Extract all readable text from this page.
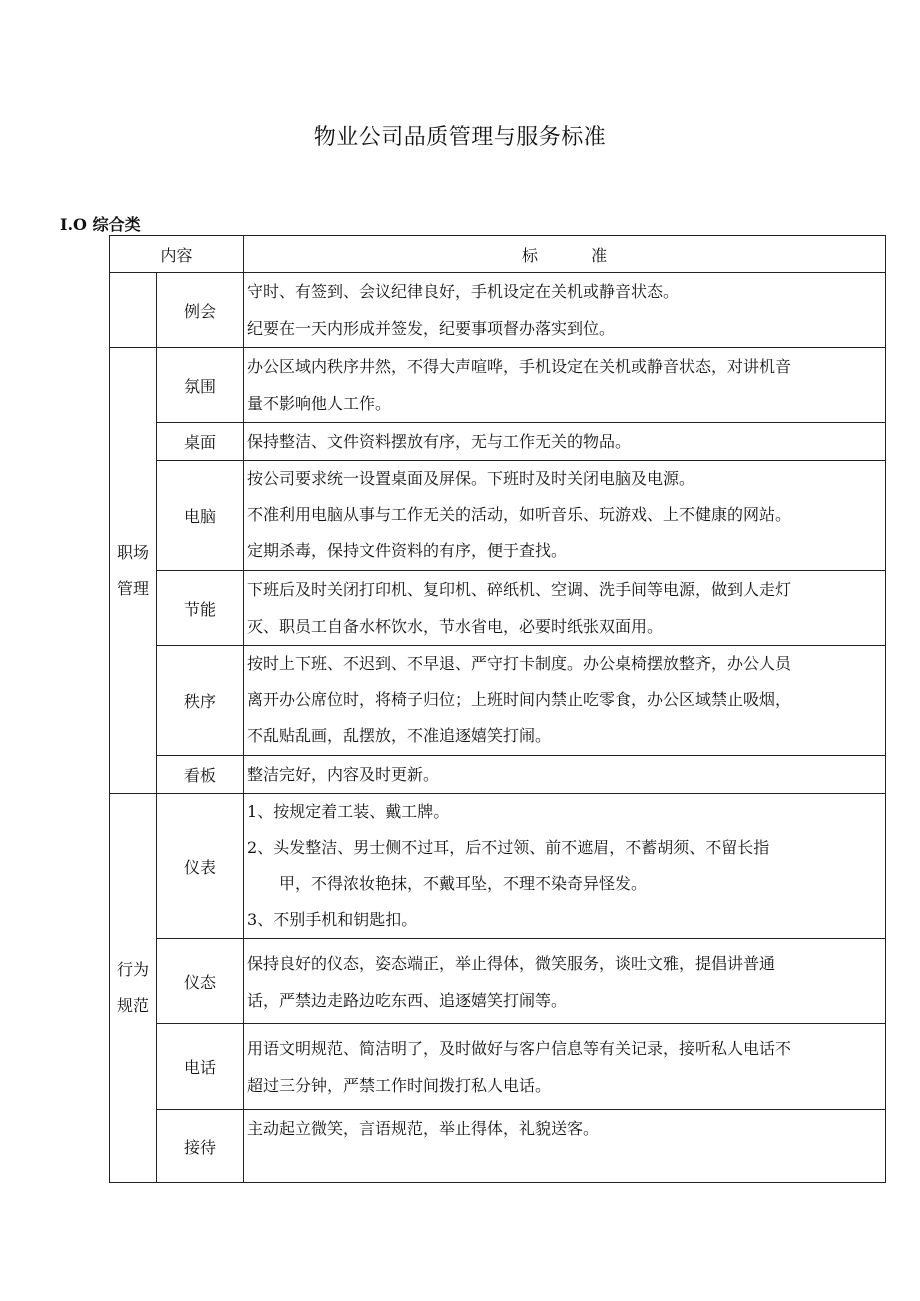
物业公司品质管理与服务标准
I.O 综合类
内容		标 准
	例会	守时、有签到、会议纪律良好，手机设定在关机或静音状态。
纪要在一天内形成并签发，纪要事项督办落实到位。

职场
管理	氛围	办公区域内秩序井然，不得大声喧哗，手机设定在关机或静音状态，对讲机音
量不影响他人工作。

	桌面	保持整洁、文件资料摆放有序，无与工作无关的物品。

	电脑	按公司要求统一设置桌面及屏保。下班时及时关闭电脑及电源。
不准利用电脑从事与工作无关的活动，如听音乐、玩游戏、上不健康的网站。
定期杀毒，保持文件资料的有序，便于查找。

	节能	下班后及时关闭打印机、复印机、碎纸机、空调、洗手间等电源，做到人走灯
灭、职员工自备水杯饮水，节水省电，必要时纸张双面用。

	秩序	按时上下班、不迟到、不早退、严守打卡制度。办公桌椅摆放整齐，办公人员
离开办公席位时，将椅子归位；上班时间内禁止吃零食，办公区域禁止吸烟，
不乱贴乱画，乱摆放，不准追逐嬉笑打闹。

	看板	整洁完好，内容及时更新。

行为
规范	仪表	1、按规定着工装、戴工牌。
2、头发整洁、男士侧不过耳，后不过领、前不遮眉，不蓄胡须、不留长指
甲，不得浓妆艳抹，不戴耳坠，不理不染奇异怪发。
3、不别手机和钥匙扣。

	仪态	保持良好的仪态，姿态端正，举止得体，微笑服务，谈吐文雅，提倡讲普通
话，严禁边走路边吃东西、追逐嬉笑打闹等。

	电话	用语文明规范、简洁明了，及时做好与客户信息等有关记录，接听私人电话不
超过三分钟，严禁工作时间拨打私人电话。

	接待	主动起立微笑，言语规范，举止得体，礼貌送客。
